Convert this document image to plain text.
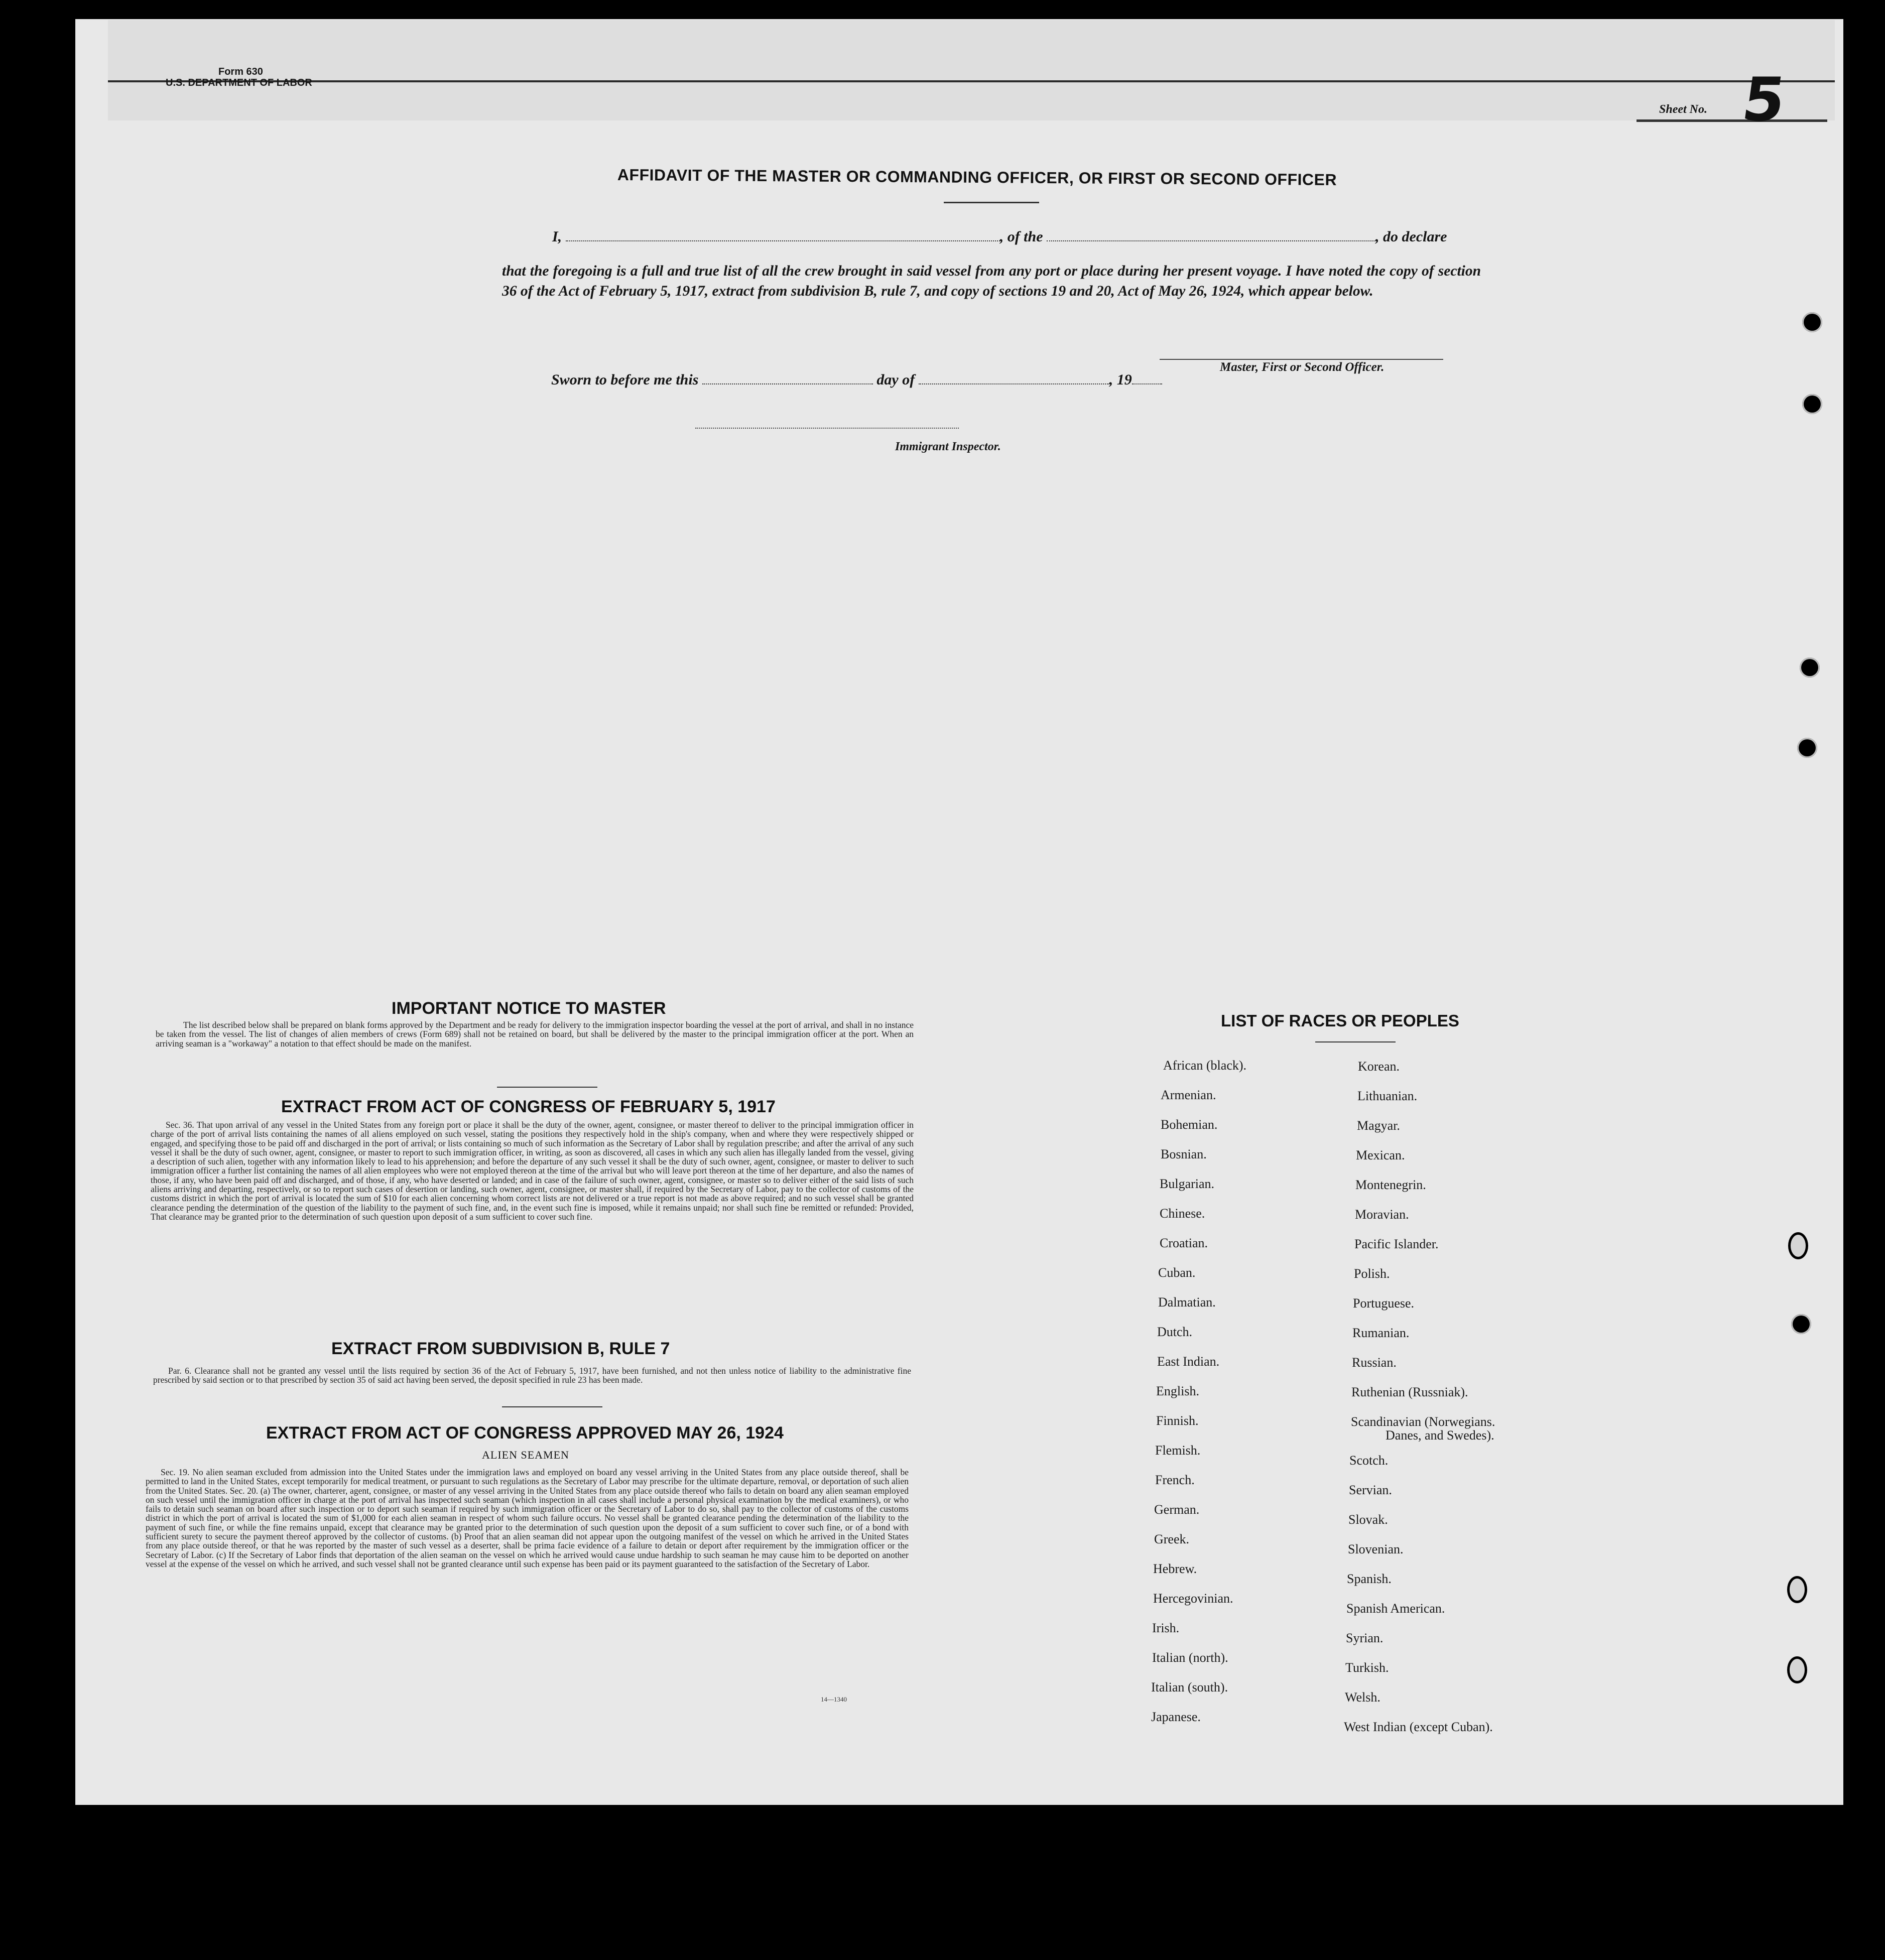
Form 630
U.S. DEPARTMENT OF LABOR
Sheet No. 5
AFFIDAVIT OF THE MASTER OR COMMANDING OFFICER, OR FIRST OR SECOND OFFICER
I,	, of the	, do declare
that the foregoing is a full and true list of all the crew brought in said vessel from any port or place during her present voyage. I have noted the copy of section 36 of the Act of February 5, 1917, extract from subdivision B, rule 7, and copy of sections 19 and 20, Act of May 26, 1924, which appear below.
Master, First or Second Officer.
Sworn to before me this	day of	, 19
Immigrant Inspector.
IMPORTANT NOTICE TO MASTER
The list described below shall be prepared on blank forms approved by the Department and be ready for delivery to the immigration inspector boarding the vessel at the port of arrival, and shall in no instance be taken from the vessel. The list of changes of alien members of crews (Form 689) shall not be retained on board, but shall be delivered by the master to the principal immigration officer at the port. When an arriving seaman is a "workaway" a notation to that effect should be made on the manifest.
EXTRACT FROM ACT OF CONGRESS OF FEBRUARY 5, 1917
Sec. 36. That upon arrival of any vessel in the United States from any foreign port or place it shall be the duty of the owner, agent, consignee, or master thereof to deliver to the principal immigration officer in charge of the port of arrival lists containing the names of all aliens employed on such vessel, stating the positions they respectively hold in the ship's company, when and where they were respectively shipped or engaged, and specifying those to be paid off and discharged in the port of arrival; or lists containing so much of such information as the Secretary of Labor shall by regulation prescribe; and after the arrival of any such vessel it shall be the duty of such owner, agent, consignee, or master to report to such immigration officer, in writing, as soon as discovered, all cases in which any such alien has illegally landed from the vessel, giving a description of such alien, together with any information likely to lead to his apprehension; and before the departure of any such vessel it shall be the duty of such owner, agent, consignee, or master to deliver to such immigration officer a further list containing the names of all alien employees who were not employed thereon at the time of the arrival but who will leave port thereon at the time of her departure, and also the names of those, if any, who have been paid off and discharged, and of those, if any, who have deserted or landed; and in case of the failure of such owner, agent, consignee, or master so to deliver either of the said lists of such aliens arriving and departing, respectively, or so to report such cases of desertion or landing, such owner, agent, consignee, or master shall, if required by the Secretary of Labor, pay to the collector of customs of the customs district in which the port of arrival is located the sum of $10 for each alien concerning whom correct lists are not delivered or a true report is not made as above required; and no such vessel shall be granted clearance pending the determination of the question of the liability to the payment of such fine, and, in the event such fine is imposed, while it remains unpaid; nor shall such fine be remitted or refunded: Provided, That clearance may be granted prior to the determination of such question upon deposit of a sum sufficient to cover such fine.
EXTRACT FROM SUBDIVISION B, RULE 7
Par. 6. Clearance shall not be granted any vessel until the lists required by section 36 of the Act of February 5, 1917, have been furnished, and not then unless notice of liability to the administrative fine prescribed by said section or to that prescribed by section 35 of said act having been served, the deposit specified in rule 23 has been made.
EXTRACT FROM ACT OF CONGRESS APPROVED MAY 26, 1924
ALIEN SEAMEN
Sec. 19. No alien seaman excluded from admission into the United States under the immigration laws and employed on board any vessel arriving in the United States from any place outside thereof, shall be permitted to land in the United States, except temporarily for medical treatment, or pursuant to such regulations as the Secretary of Labor may prescribe for the ultimate departure, removal, or deportation of such alien from the United States. Sec. 20. (a) The owner, charterer, agent, consignee, or master of any vessel arriving in the United States from any place outside thereof who fails to detain on board any alien seaman employed on such vessel until the immigration officer in charge at the port of arrival has inspected such seaman (which inspection in all cases shall include a personal physical examination by the medical examiners), or who fails to detain such seaman on board after such inspection or to deport such seaman if required by such immigration officer or the Secretary of Labor to do so, shall pay to the collector of customs of the customs district in which the port of arrival is located the sum of $1,000 for each alien seaman in respect of whom such failure occurs. No vessel shall be granted clearance pending the determination of the liability to the payment of such fine, or while the fine remains unpaid, except that clearance may be granted prior to the determination of such question upon the deposit of a sum sufficient to cover such fine, or of a bond with sufficient surety to secure the payment thereof approved by the collector of customs. (b) Proof that an alien seaman did not appear upon the outgoing manifest of the vessel on which he arrived in the United States from any place outside thereof, or that he was reported by the master of such vessel as a deserter, shall be prima facie evidence of a failure to detain or deport after requirement by the immigration officer or the Secretary of Labor. (c) If the Secretary of Labor finds that deportation of the alien seaman on the vessel on which he arrived would cause undue hardship to such seaman he may cause him to be deported on another vessel at the expense of the vessel on which he arrived, and such vessel shall not be granted clearance until such expense has been paid or its payment guaranteed to the satisfaction of the Secretary of Labor.
14—1340
LIST OF RACES OR PEOPLES
African (black).
Armenian.
Bohemian.
Bosnian.
Bulgarian.
Chinese.
Croatian.
Cuban.
Dalmatian.
Dutch.
East Indian.
English.
Finnish.
Flemish.
French.
German.
Greek.
Hebrew.
Hercegovinian.
Irish.
Italian (north).
Italian (south).
Japanese.
Korean.
Lithuanian.
Magyar.
Mexican.
Montenegrin.
Moravian.
Pacific Islander.
Polish.
Portuguese.
Rumanian.
Russian.
Ruthenian (Russniak).
Scandinavian (Norwegians.
Danes, and Swedes).
Scotch.
Servian.
Slovak.
Slovenian.
Spanish.
Spanish American.
Syrian.
Turkish.
Welsh.
West Indian (except Cuban).
